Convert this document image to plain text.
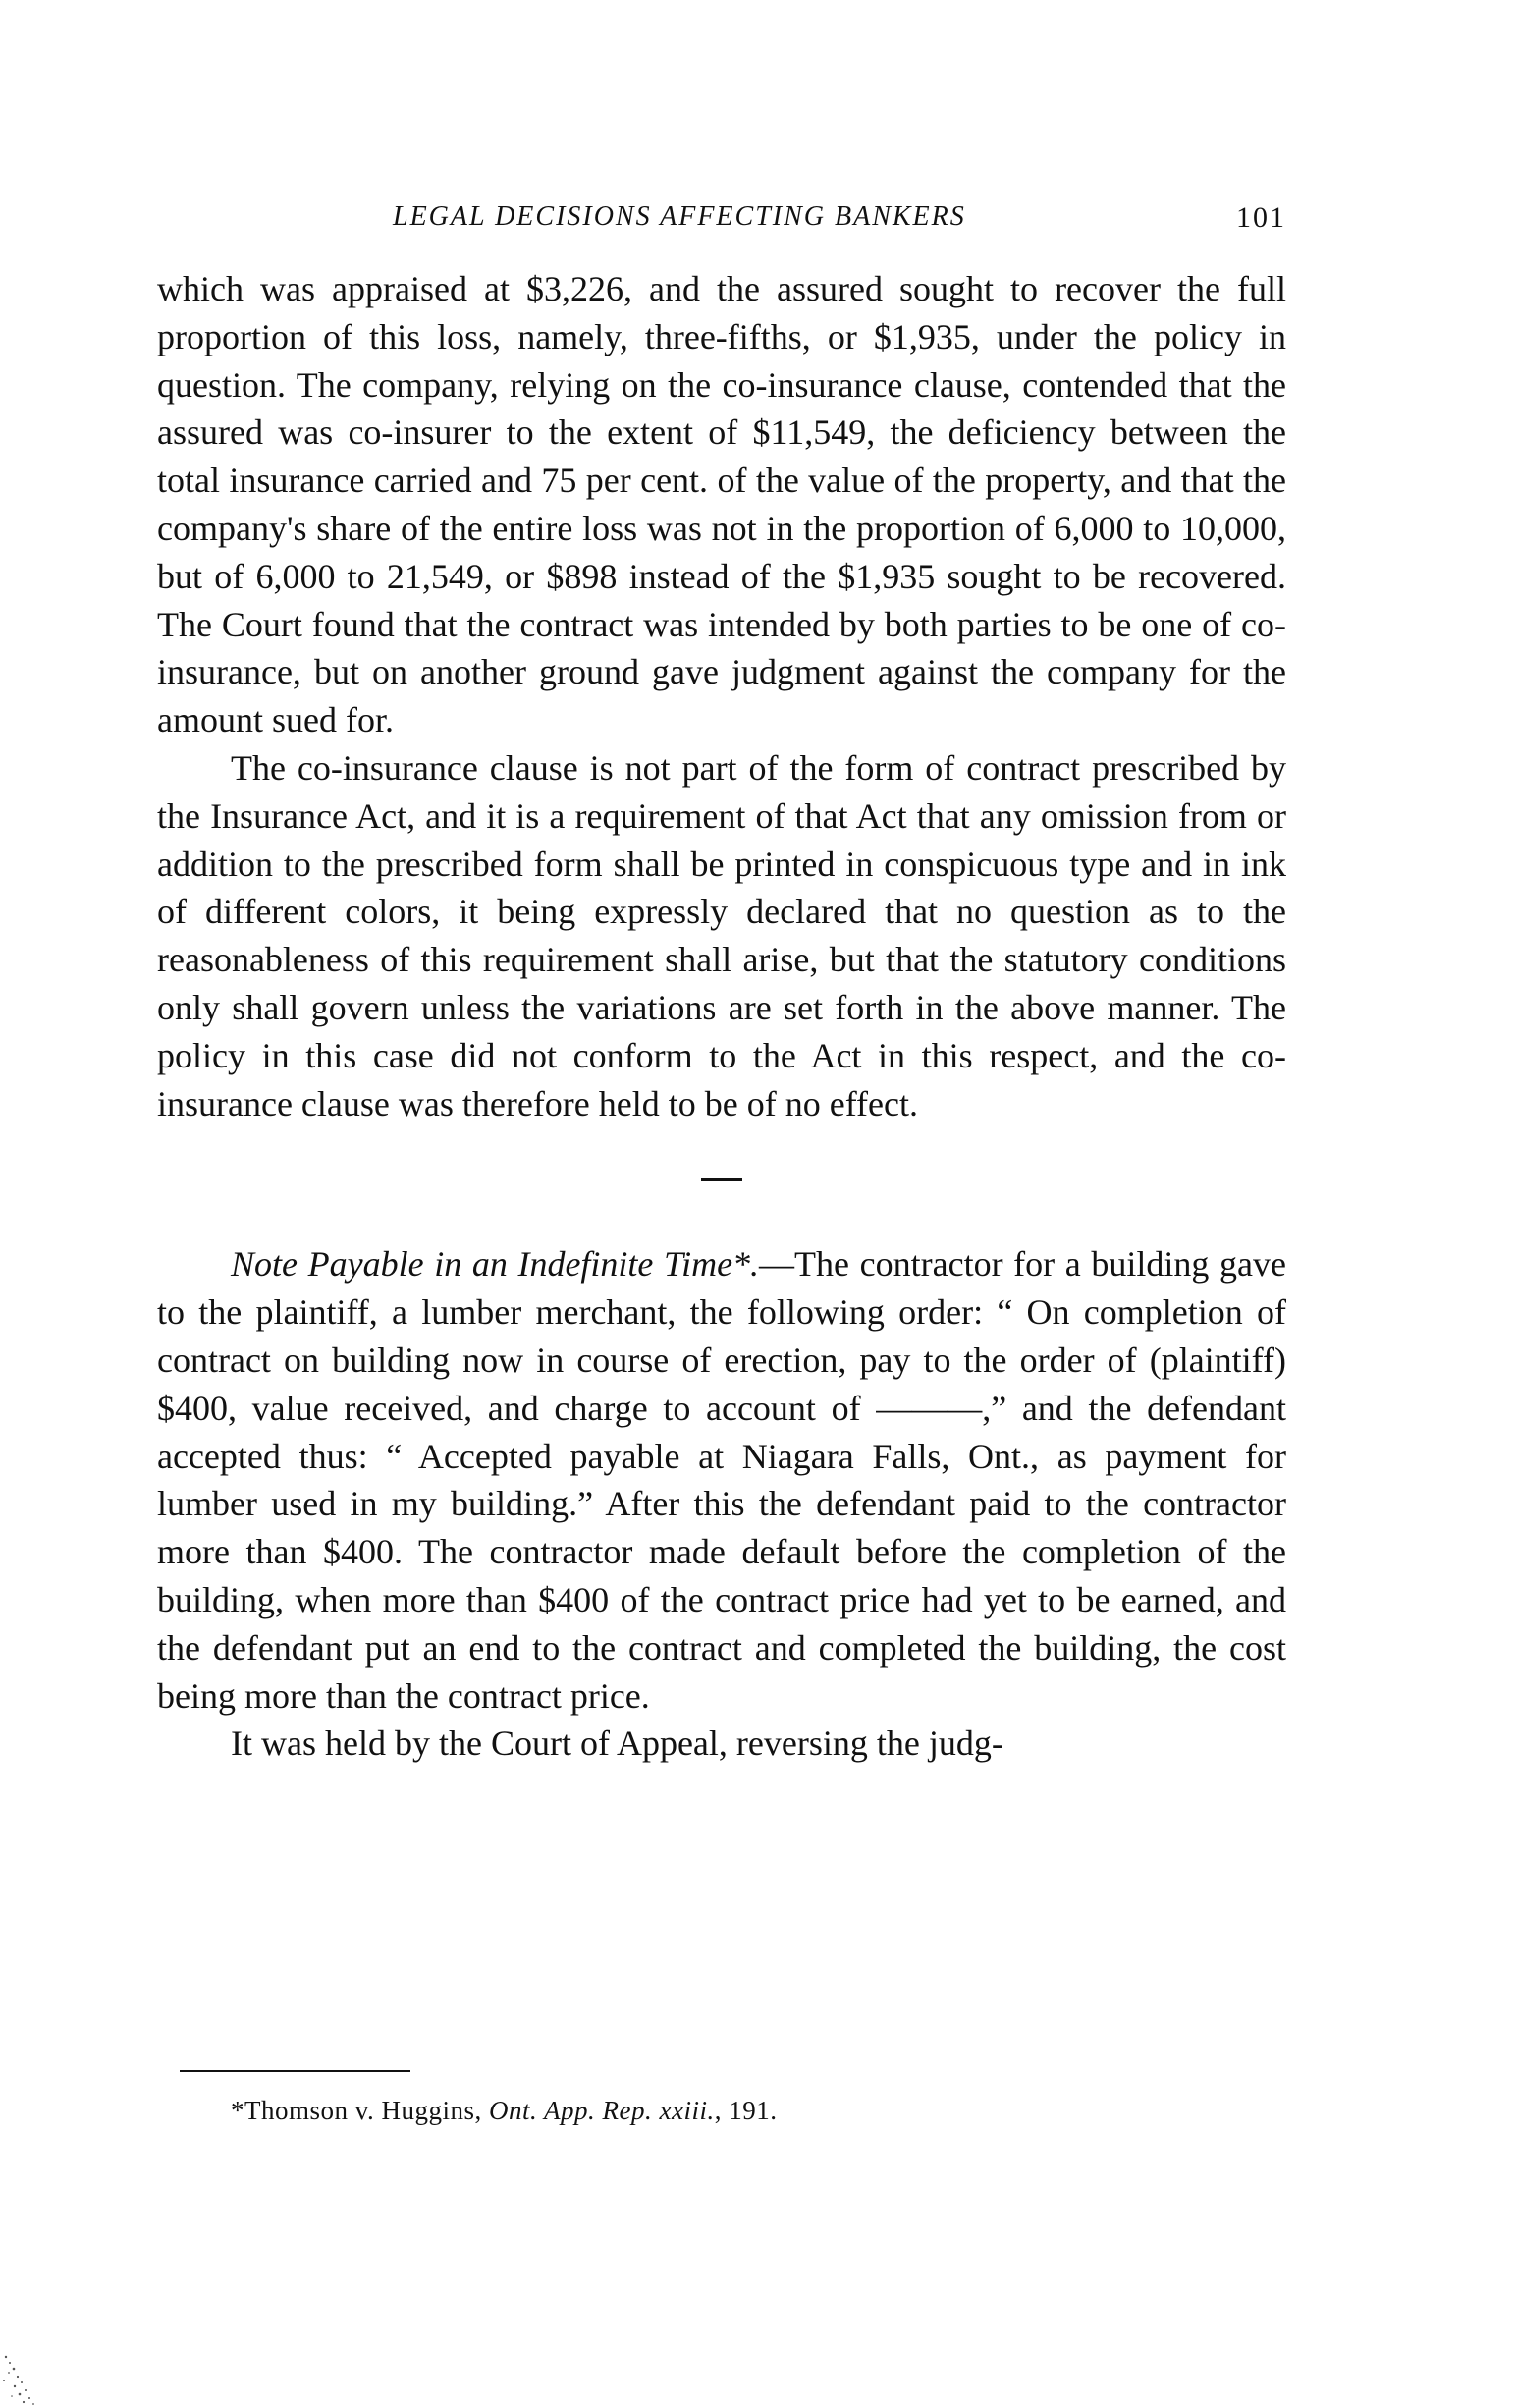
LEGAL DECISIONS AFFECTING BANKERS	101

which was appraised at $3,226, and the assured sought to recover the full proportion of this loss, namely, three-fifths, or $1,935, under the policy in question. The company, relying on the co-insurance clause, contended that the assured was co-insurer to the extent of $11,549, the deficiency between the total insurance carried and 75 per cent. of the value of the property, and that the company's share of the entire loss was not in the proportion of 6,000 to 10,000, but of 6,000 to 21,549, or $898 instead of the $1,935 sought to be recovered. The Court found that the contract was intended by both parties to be one of co-insurance, but on another ground gave judgment against the company for the amount sued for.

The co-insurance clause is not part of the form of contract prescribed by the Insurance Act, and it is a requirement of that Act that any omission from or addition to the prescribed form shall be printed in conspicuous type and in ink of different colors, it being expressly declared that no question as to the reasonableness of this requirement shall arise, but that the statutory conditions only shall govern unless the variations are set forth in the above manner. The policy in this case did not conform to the Act in this respect, and the co-insurance clause was therefore held to be of no effect.

Note Payable in an Indefinite Time*.—The contractor for a building gave to the plaintiff, a lumber merchant, the following order: “ On completion of contract on building now in course of erection, pay to the order of (plaintiff) $400, value received, and charge to account of ———,” and the defendant accepted thus: “ Accepted payable at Niagara Falls, Ont., as payment for lumber used in my building.” After this the defendant paid to the contractor more than $400. The contractor made default before the completion of the building, when more than $400 of the contract price had yet to be earned, and the defendant put an end to the contract and completed the building, the cost being more than the contract price.

It was held by the Court of Appeal, reversing the judg-

*Thomson v. Huggins, Ont. App. Rep. xxiii., 191.
